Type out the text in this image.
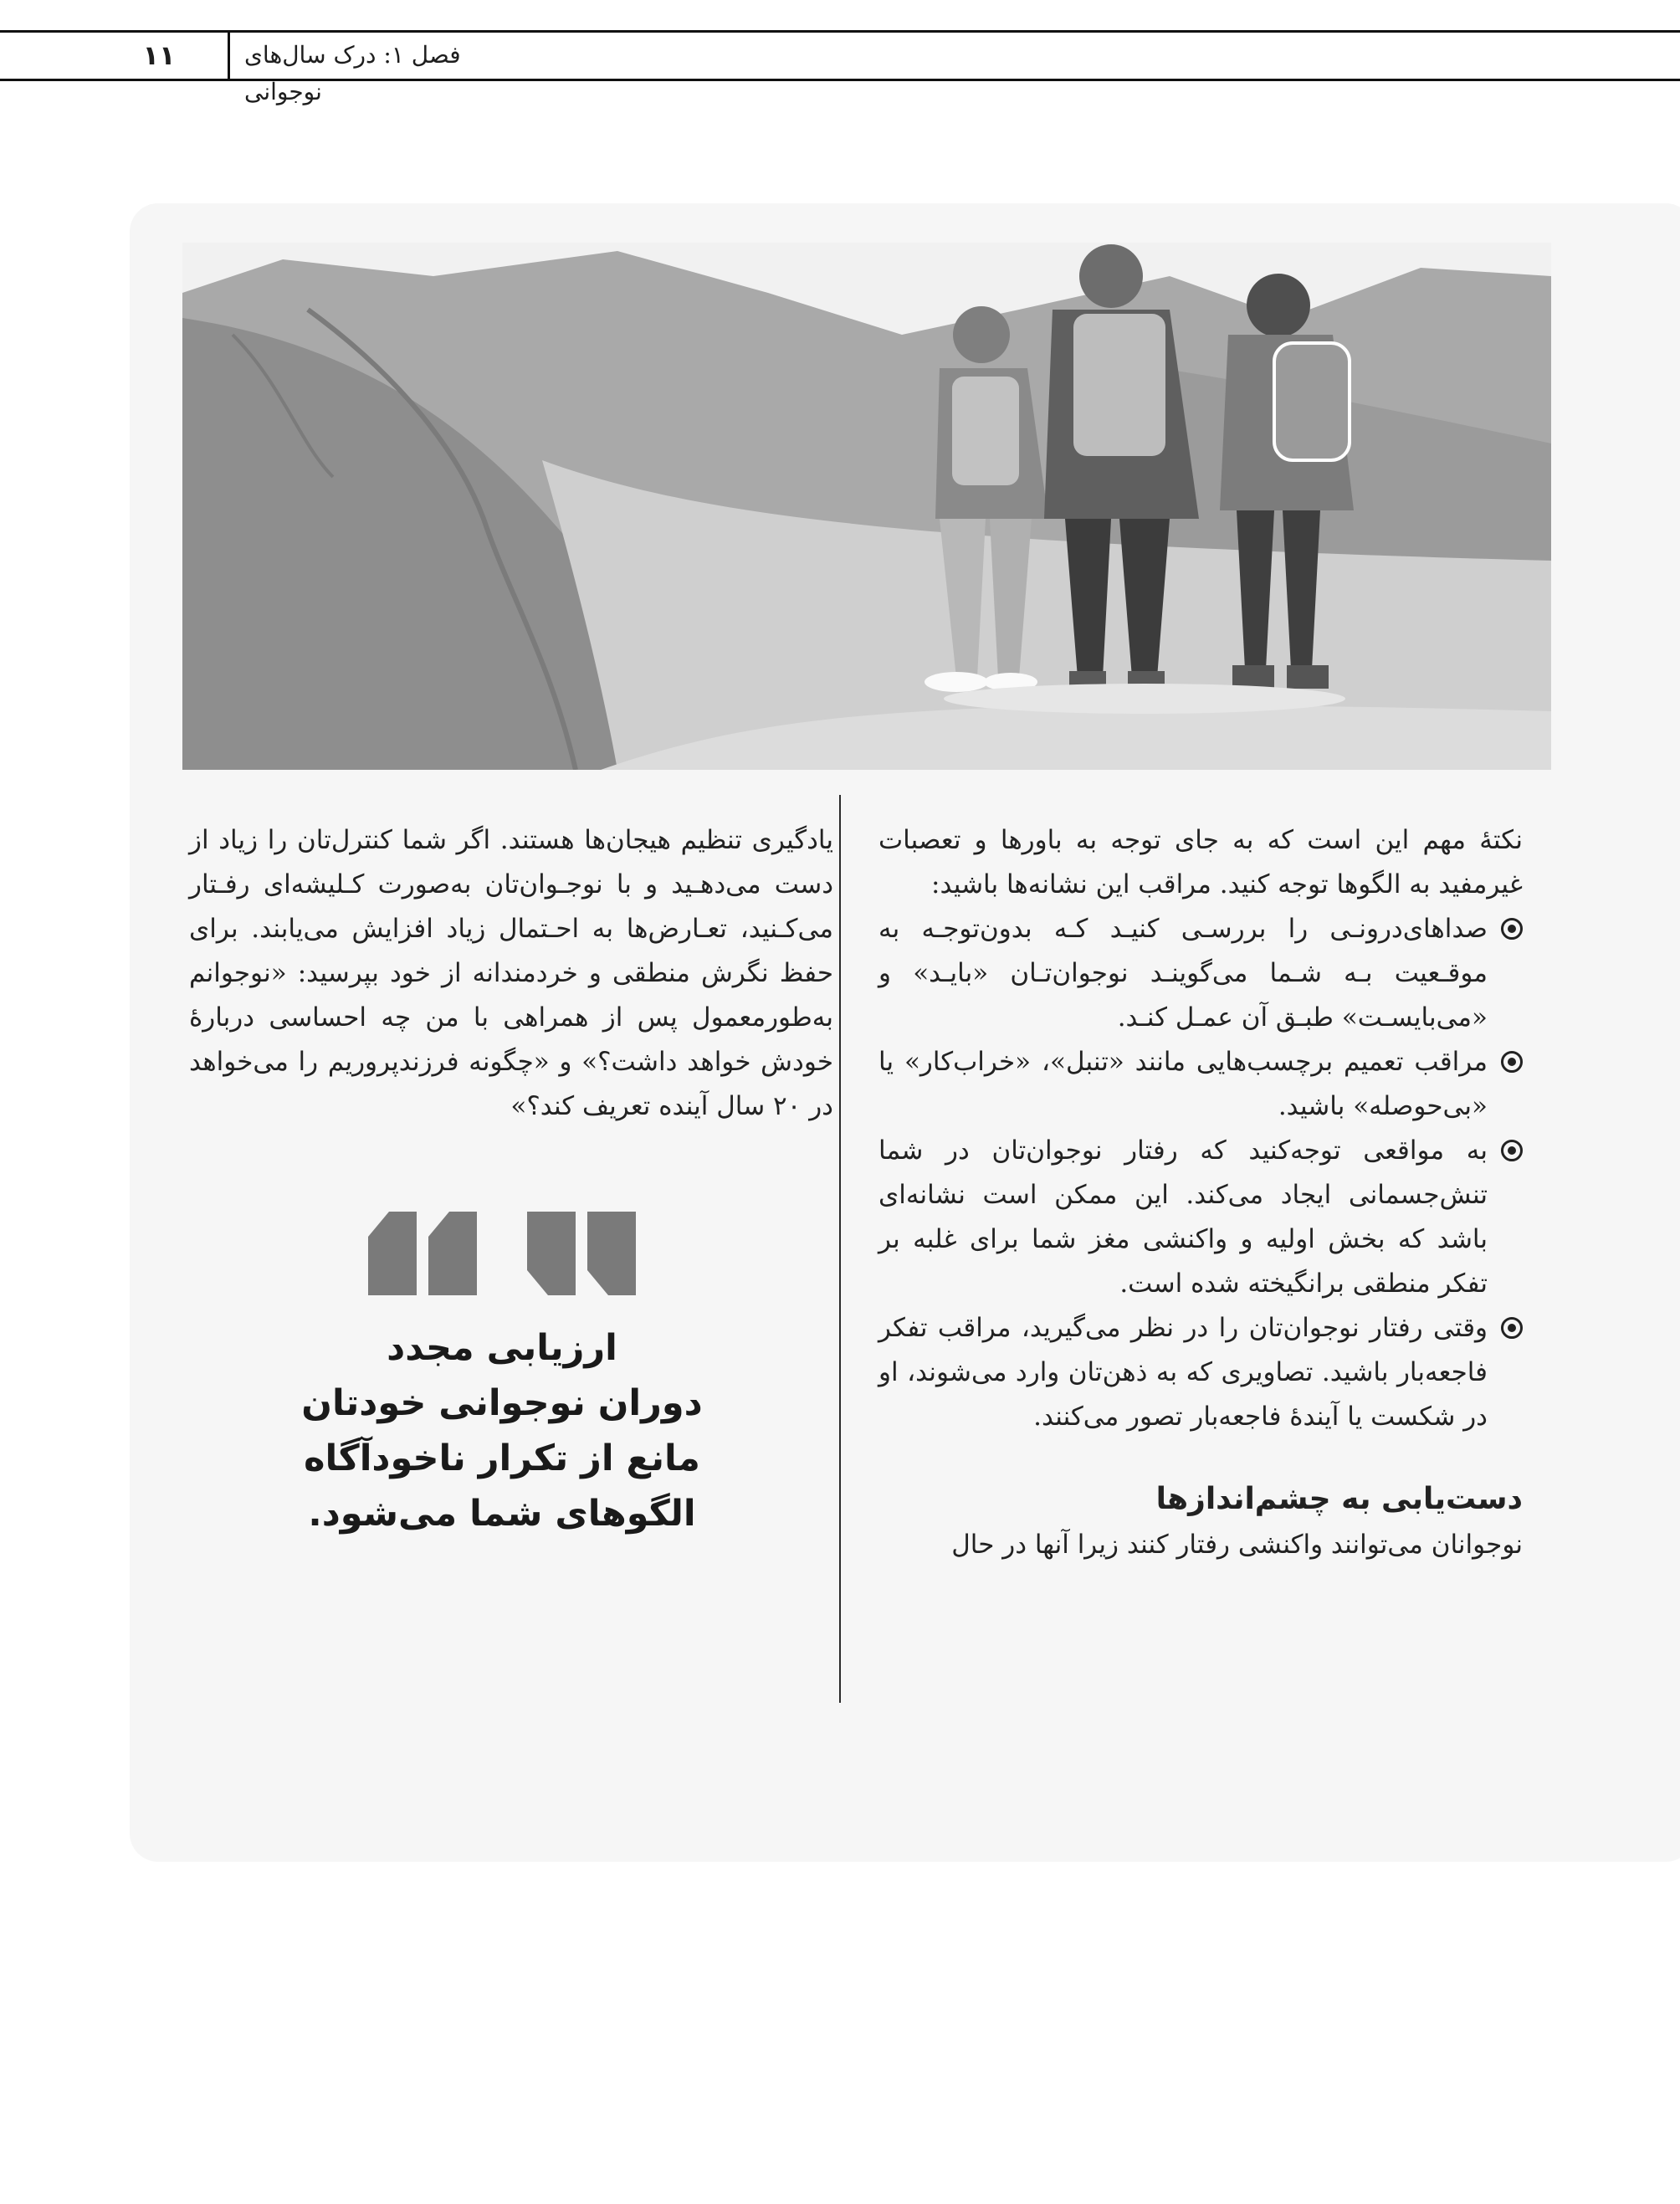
۱۱	فصل ۱: درک سال‌های نوجوانی

نکتهٔ مهم این است که به جای توجه به باورها و تعصبات غیرمفید به الگوها توجه کنید. مراقب این نشانه‌ها باشید:

صداهای‌درونـی را بررسـی کنیـد کـه بدون‌توجـه به موقـعیت بـه شـما می‌گوینـد نوجوان‌تـان «بایـد» و «می‌بایسـت» طبـق آن عمـل کنـد.
مراقب تعمیم برچسب‌هایی مانند «تنبل»، «خراب‌کار» یا «بی‌حوصله» باشید.
به مواقعی توجه‌کنید که رفتار نوجوان‌تان در شما تنش‌جسمانی ایجاد می‌کند. این ممکن است نشانه‌ای باشد که بخش اولیه و واکنشی مغز شما برای غلبه بر تفکر منطقی برانگیخته شده است.
وقتی رفتار نوجوان‌تان را در نظر می‌گیرید، مراقب تفکر فاجعه‌بار باشید. تصاویری که به ذهن‌تان وارد می‌شوند، او در شکست یا آیندهٔ فاجعه‌بار تصور می‌کنند.
دست‌یابی به چشم‌اندازها

نوجوانان می‌توانند واکنشی رفتار کنند زیرا آنها در حال

یادگیری تنظیم هیجان‌ها هستند. اگر شما کنترل‌تان را زیاد از دست می‌دهـید و با نوجـوان‌تان به‌صورت کـلیشه‌ای رفـتار می‌کـنید، تعـارض‌ها به احـتمال زیاد افزایش می‌یابند. برای حفظ نگرش منطقی و خردمندانه از خود بپرسید: «نوجوانم به‌طورمعمول پس از همراهی با من چه احساسی دربارهٔ خودش خواهد داشت؟» و «چگونه فرزندپروریم را می‌خواهد در ۲۰ سال آینده تعریف کند؟»

ارزیابی مجدد
دوران نوجوانی خودتان
مانع از تکرار ناخودآگاه
الگوهای شما می‌شود.
